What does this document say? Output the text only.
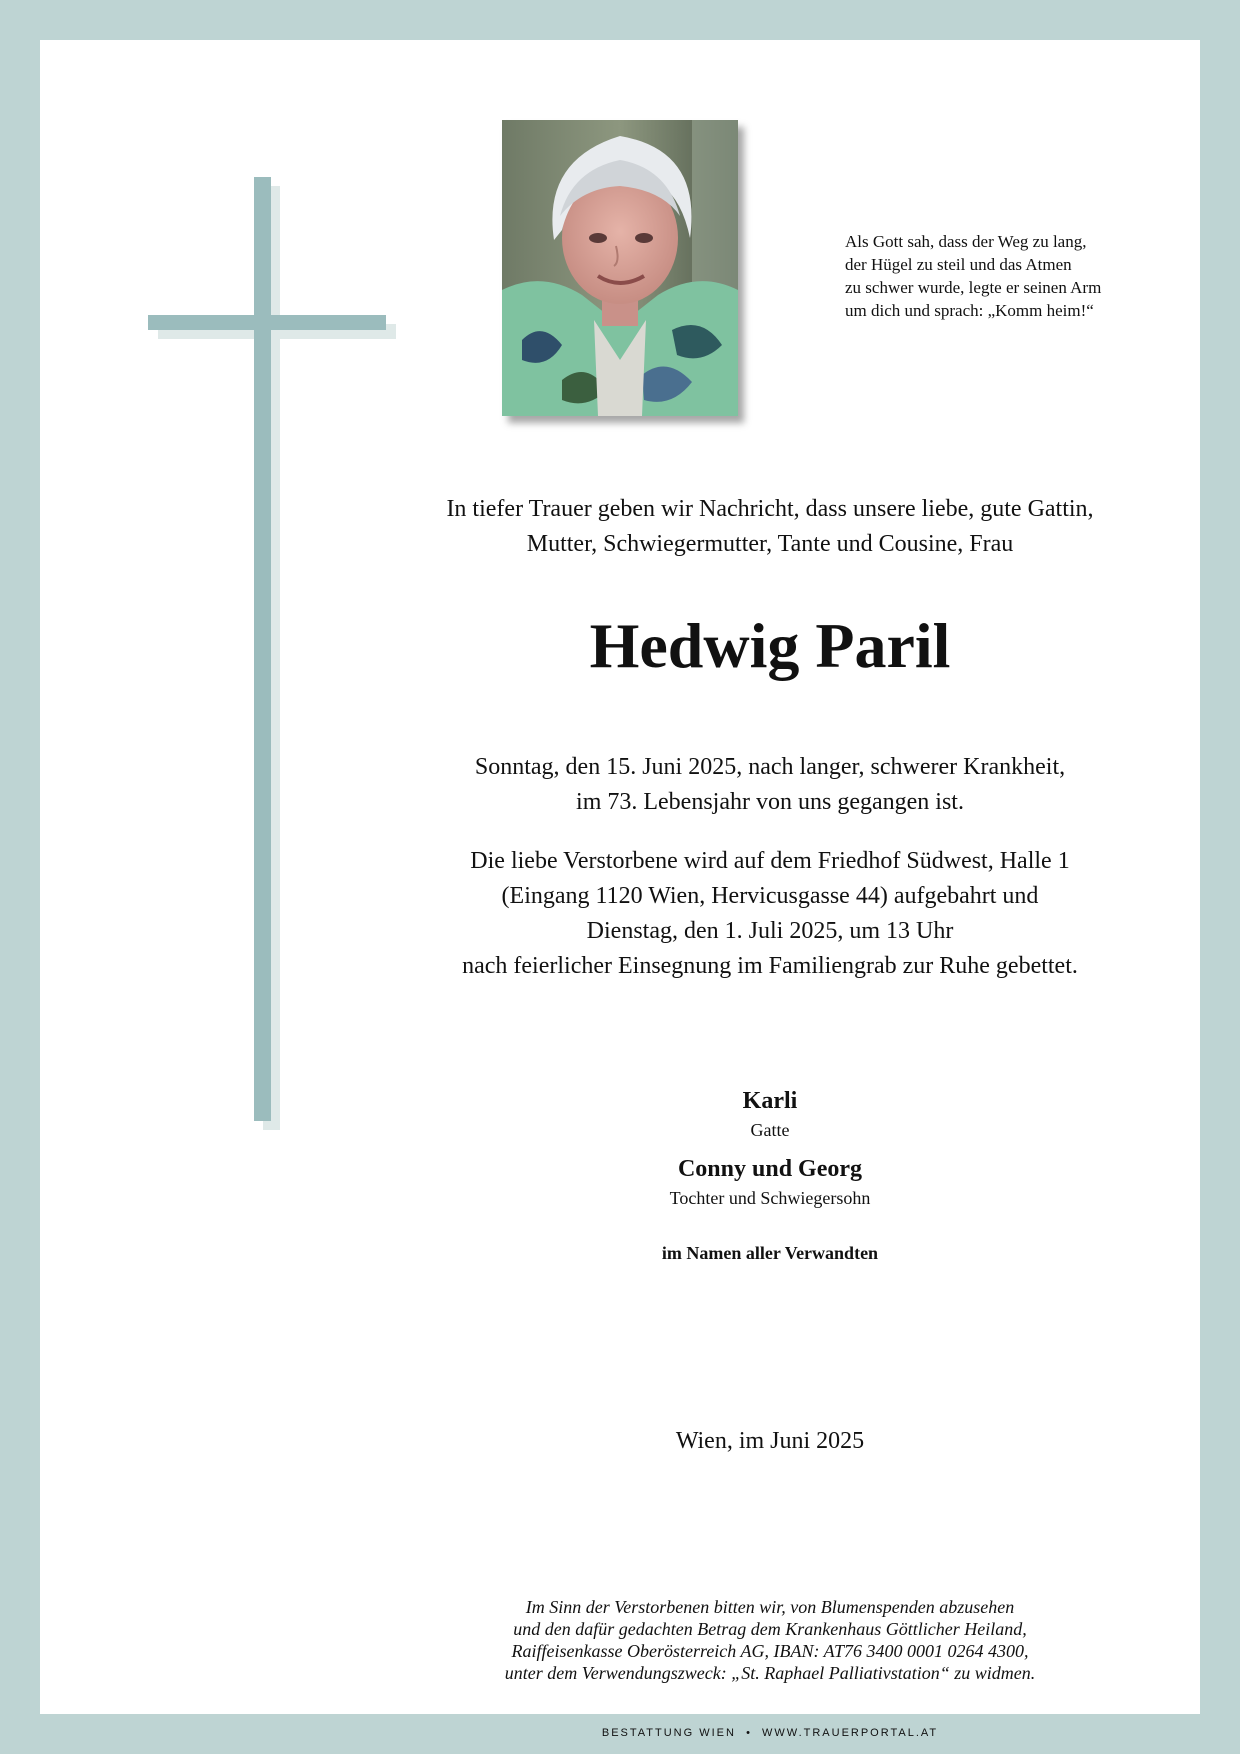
Als Gott sah, dass der Weg zu lang,
der Hügel zu steil und das Atmen
zu schwer wurde, legte er seinen Arm
um dich und sprach: „Komm heim!“
In tiefer Trauer geben wir Nachricht, dass unsere liebe, gute Gattin,
Mutter, Schwiegermutter, Tante und Cousine, Frau
Hedwig Paril
Sonntag, den 15. Juni 2025, nach langer, schwerer Krankheit,
im 73. Lebensjahr von uns gegangen ist.
Die liebe Verstorbene wird auf dem Friedhof Südwest, Halle 1
(Eingang 1120 Wien, Hervicusgasse 44) aufgebahrt und
Dienstag, den 1. Juli 2025, um 13 Uhr
nach feierlicher Einsegnung im Familiengrab zur Ruhe gebettet.
Karli
Gatte
Conny und Georg
Tochter und Schwiegersohn
im Namen aller Verwandten
Wien, im Juni 2025
Im Sinn der Verstorbenen bitten wir, von Blumenspenden abzusehen
und den dafür gedachten Betrag dem Krankenhaus Göttlicher Heiland,
Raiffeisenkasse Oberösterreich AG, IBAN: AT76 3400 0001 0264 4300,
unter dem Verwendungszweck: „St. Raphael Palliativstation“ zu widmen.
BESTATTUNG WIEN  •  WWW.TRAUERPORTAL.AT
